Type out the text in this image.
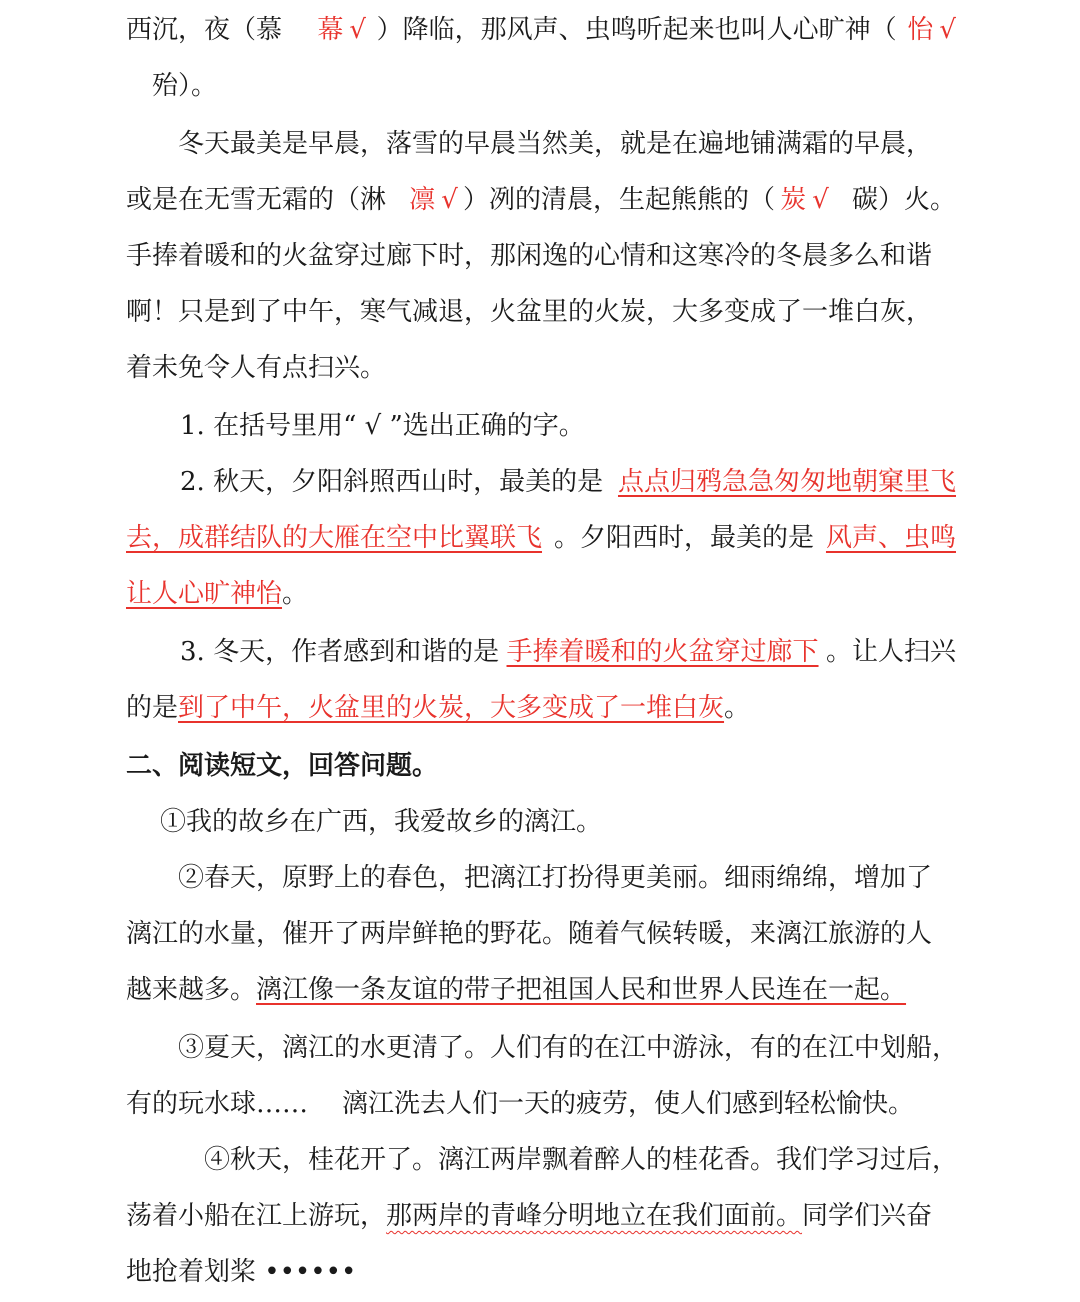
西沉，夜（慕 幕 √ ）降临，那风声、虫鸣听起来也叫人心旷神（ 怡 √
殆）。
冬天最美是早晨，落雪的早晨当然美，就是在遍地铺满霜的早晨，
或是在无雪无霜的（淋 凛 √ ）冽的清晨，生起熊熊的（ 炭 √ 碳）火。
手捧着暖和的火盆穿过廊下时，那闲逸的心情和这寒冷的冬晨多么和谐
啊！只是到了中午，寒气减退，火盆里的火炭，大多变成了一堆白灰，
着未免令人有点扫兴。
1. 在括号里用“ √ ”选出正确的字。
2. 秋天，夕阳斜照西山时，最美的是 点点归鸦急急匆匆地朝窠里飞
去，成群结队的大雁在空中比翼联飞 。夕阳西时，最美的是 风声、虫鸣
让人心旷神怡 。
3. 冬天，作者感到和谐的是 手捧着暖和的火盆穿过廊下 。让人扫兴
的是 到了中午，火盆里的火炭，大多变成了一堆白灰 。
二、阅读短文，回答问题。
①我的故乡在广西，我爱故乡的漓江。
②春天，原野上的春色，把漓江打扮得更美丽。细雨绵绵，增加了
漓江的水量，催开了两岸鲜艳的野花。随着气候转暖，来漓江旅游的人
越来越多。 漓江像一条友谊的带子把祖国人民和世界人民连在一起。
③夏天，漓江的水更清了。人们有的在江中游泳，有的在江中划船，
有的玩水球…… 漓江洗去人们一天的疲劳，使人们感到轻松愉快。
④秋天，桂花开了。漓江两岸飘着醉人的桂花香。我们学习过后，
荡着小船在江上游玩， 那两岸的青峰分明地立在我们面前。 同学们兴奋
地抢着划桨 ••••••
